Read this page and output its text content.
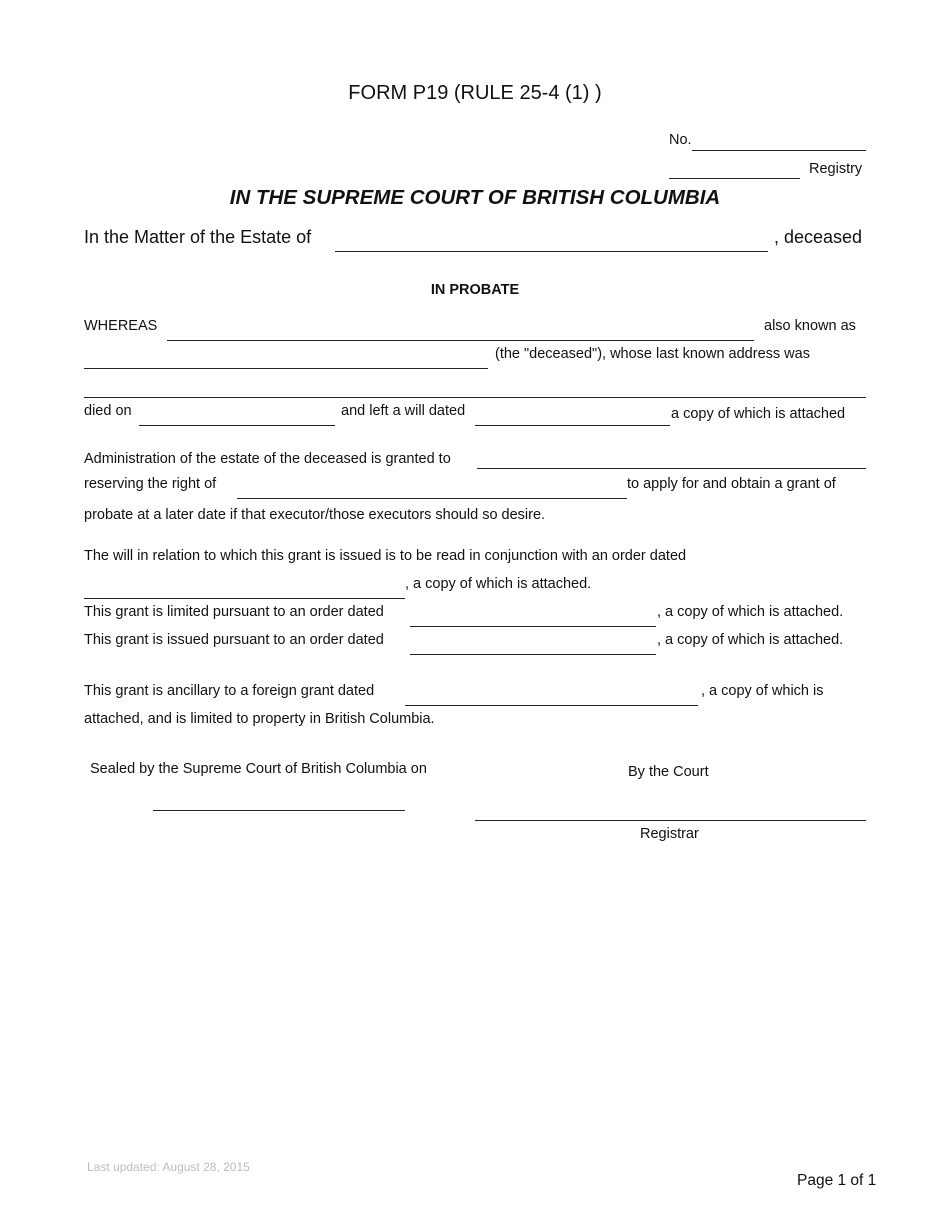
FORM P19 (RULE 25-4 (1) )
No.
Registry
IN THE SUPREME COURT OF BRITISH COLUMBIA
In the Matter of the Estate of	, deceased
IN PROBATE
WHEREAS	also known as
(the "deceased"), whose last known address was
died on	and left a will dated	a copy of which is attached
Administration of the estate of the deceased is granted to
reserving the right of	to apply for and obtain a grant of
probate at a later date if that executor/those executors should so desire.
The will in relation to which this grant is issued is to be read in conjunction with an order dated
, a copy of which is attached.
This grant is limited pursuant to an order dated	, a copy of which is attached.
This grant is issued pursuant to an order dated	, a copy of which is attached.
This grant is ancillary to a foreign grant dated	, a copy of which is
attached, and is limited to property in British Columbia.
Sealed by the Supreme Court of British Columbia on	By the Court
Registrar
Last updated: August 28, 2015
Page 1 of 1
